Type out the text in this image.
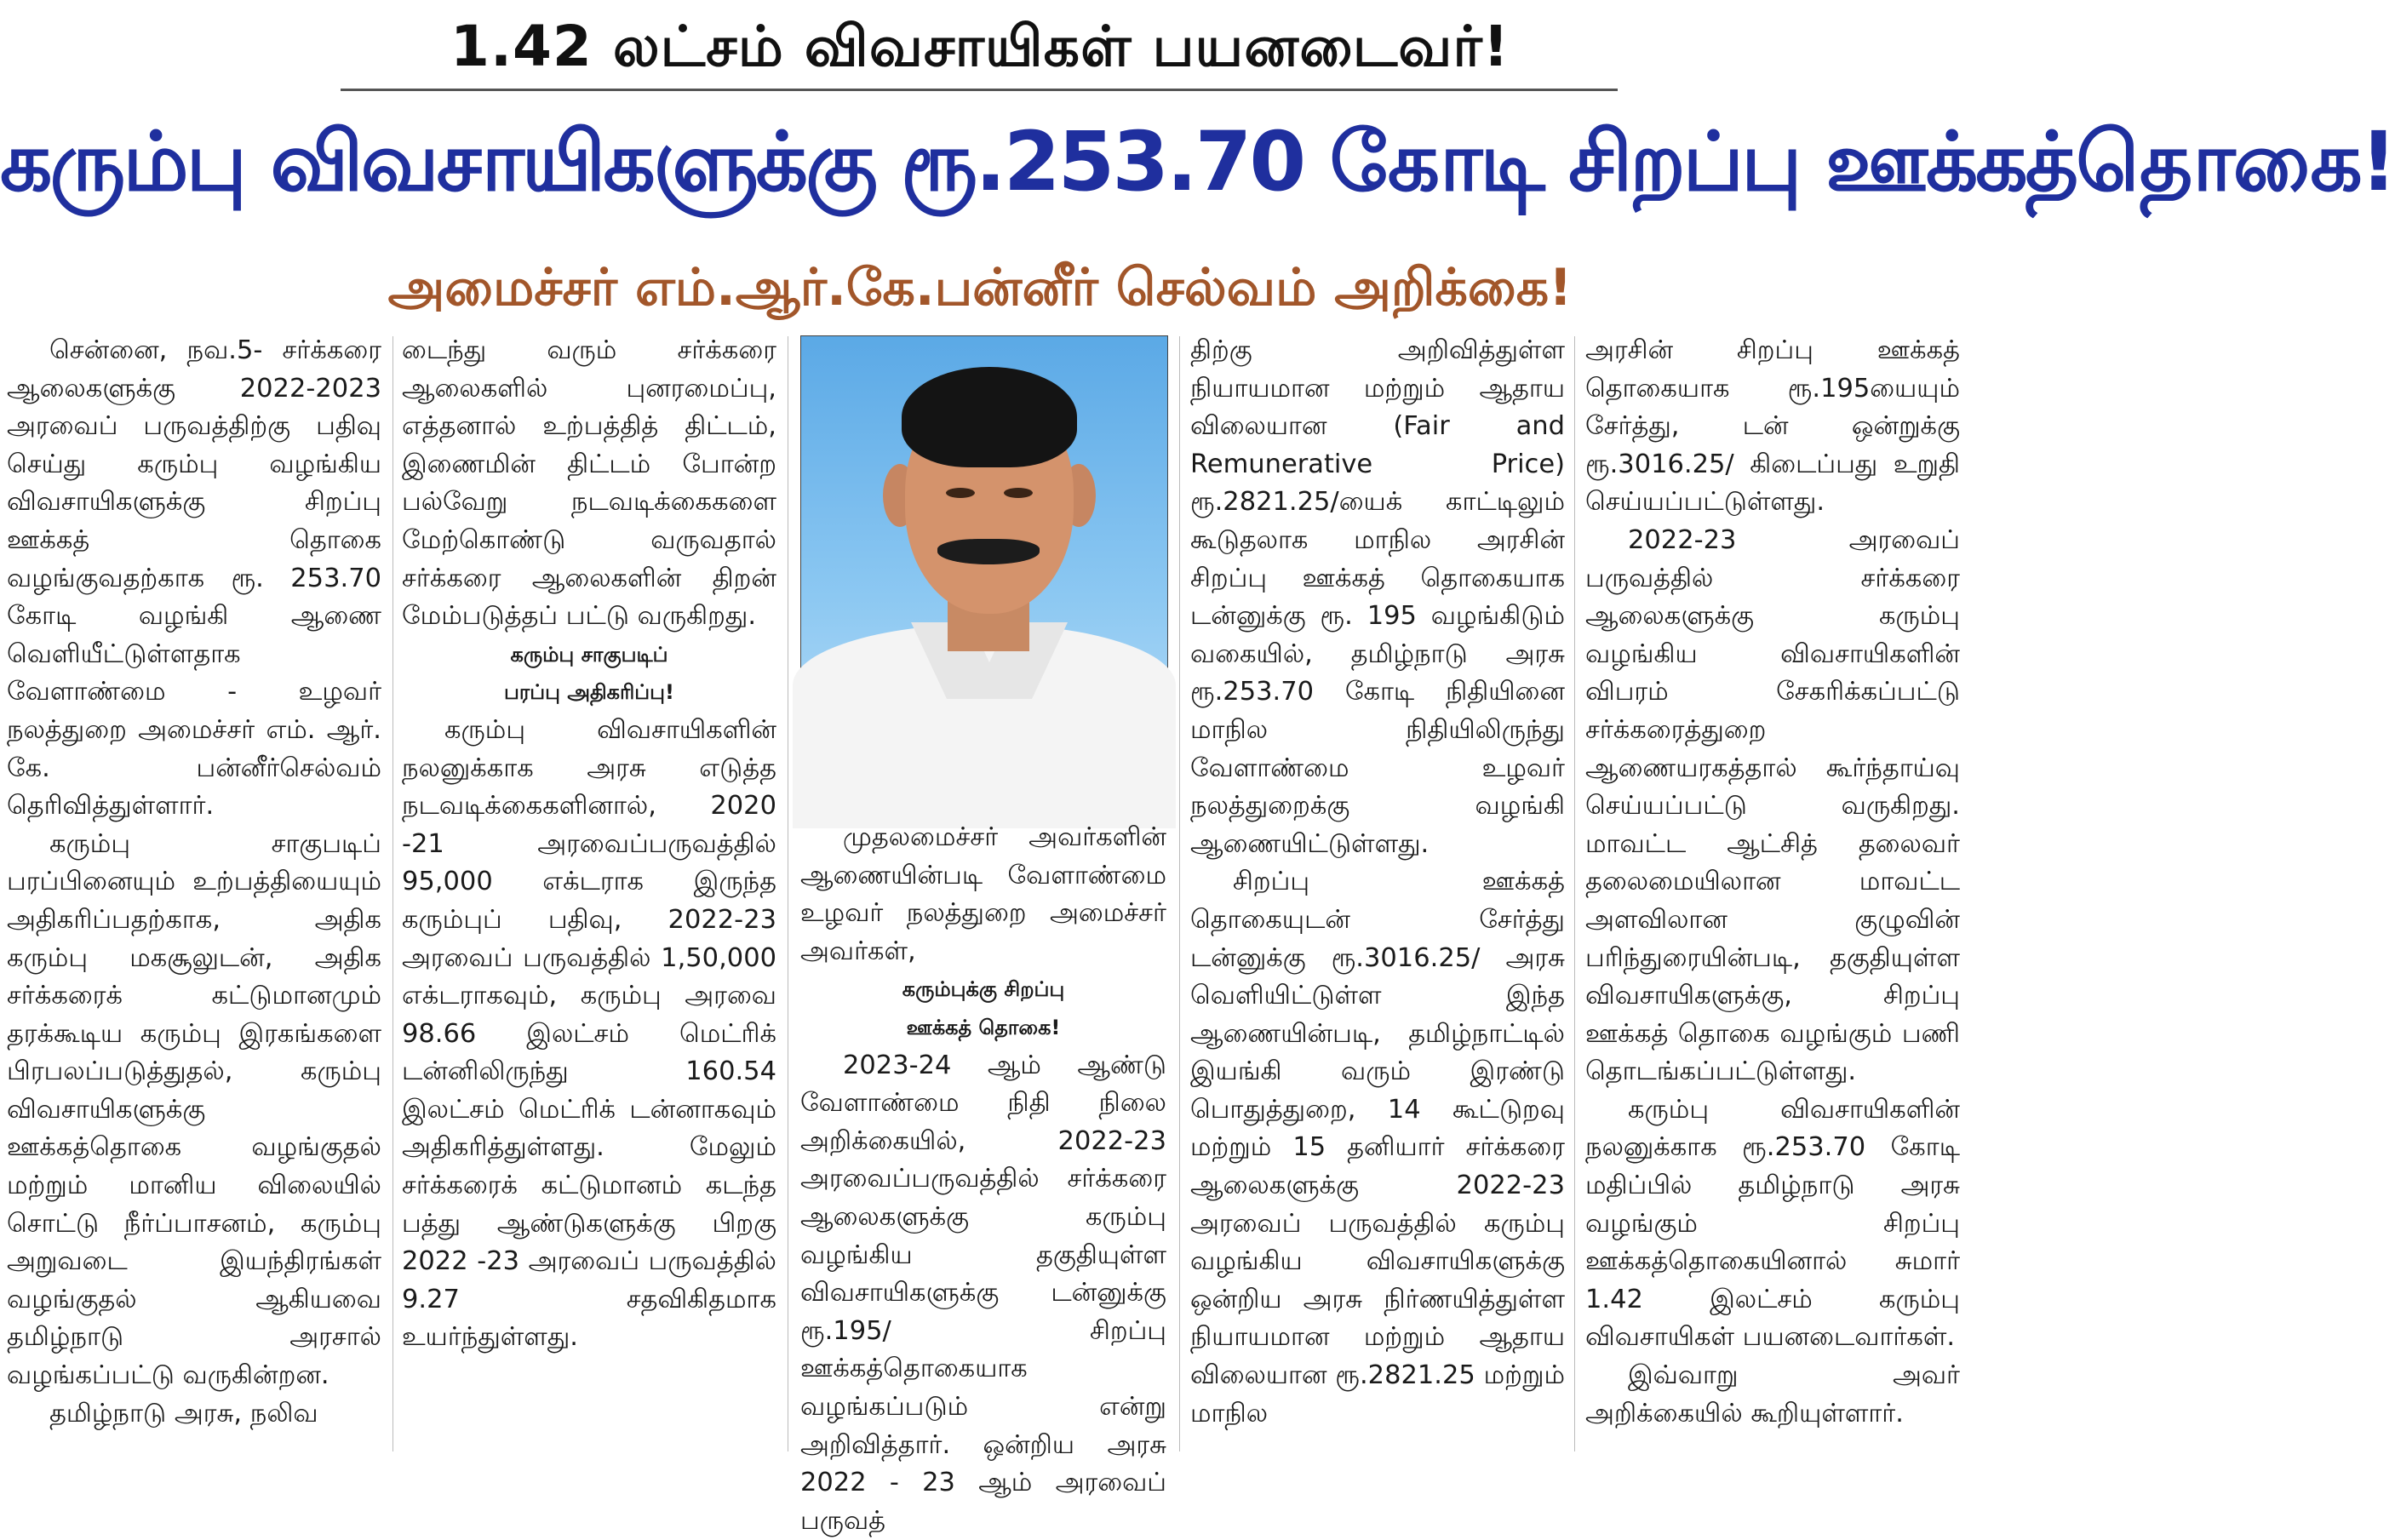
1.42 லட்சம் விவசாயிகள் பயனடைவர்!
கரும்பு விவசாயிகளுக்கு ரூ.253.70 கோடி சிறப்பு ஊக்கத்தொகை!
அமைச்சர் எம்.ஆர்.கே.பன்னீர் செல்வம் அறிக்கை!

சென்னை, நவ.5- சர்க்கரை ஆலைகளுக்கு 2022-2023 அரவைப் பருவத்திற்கு பதிவு செய்து கரும்பு வழங்கிய விவசாயிகளுக்கு சிறப்பு ஊக்கத் தொகை வழங்குவதற்காக ரூ. 253.70 கோடி வழங்கி ஆணை வெளியீட்டுள்ளதாக வேளாண்மை - உழவர் நலத்துறை அமைச்சர் எம். ஆர். கே. பன்னீர்செல்வம் தெரிவித்துள்ளார்.

கரும்பு சாகுபடிப் பரப்பினையும் உற்பத்தியையும் அதிகரிப்பதற்காக, அதிக கரும்பு மகசூலுடன், அதிக சர்க்கரைக் கட்டுமானமும் தரக்கூடிய கரும்பு இரகங்களை பிரபலப்படுத்துதல், கரும்பு விவசாயிகளுக்கு ஊக்கத்தொகை வழங்குதல் மற்றும் மானிய விலையில் சொட்டு நீர்ப்பாசனம், கரும்பு அறுவடை இயந்திரங்கள் வழங்குதல் ஆகியவை தமிழ்நாடு அரசால் வழங்கப்பட்டு வருகின்றன.

தமிழ்நாடு அரசு, நலிவ

டைந்து வரும் சர்க்கரை ஆலைகளில் புனரமைப்பு, எத்தனால் உற்பத்தித் திட்டம், இணைமின் திட்டம் போன்ற பல்வேறு நடவடிக்கைகளை மேற்கொண்டு வருவதால் சர்க்கரை ஆலைகளின் திறன் மேம்படுத்தப் பட்டு வருகிறது.

கரும்பு சாகுபடிப்

பரப்பு அதிகரிப்பு!

கரும்பு விவசாயிகளின் நலனுக்காக அரசு எடுத்த நடவடிக்கைகளினால், 2020 -21 அரவைப்பருவத்தில் 95,000 எக்டராக இருந்த கரும்புப் பதிவு, 2022-23 அரவைப் பருவத்தில் 1,50,000 எக்டராகவும், கரும்பு அரவை 98.66 இலட்சம் மெட்ரிக் டன்னிலிருந்து 160.54 இலட்சம் மெட்ரிக் டன்னாகவும் அதிகரித்துள்ளது. மேலும் சர்க்கரைக் கட்டுமானம் கடந்த பத்து ஆண்டுகளுக்கு பிறகு 2022 -23 அரவைப் பருவத்தில் 9.27 சதவிகிதமாக உயர்ந்துள்ளது.

முதலமைச்சர் அவர்களின் ஆணையின்படி வேளாண்மை உழவர் நலத்துறை அமைச்சர் அவர்கள்,

கரும்புக்கு சிறப்பு

ஊக்கத் தொகை!

2023-24 ஆம் ஆண்டு வேளாண்மை நிதி நிலை அறிக்கையில், 2022-23 அரவைப்பருவத்தில் சர்க்கரை ஆலைகளுக்கு கரும்பு வழங்கிய தகுதியுள்ள விவசாயிகளுக்கு டன்னுக்கு ரூ.195/ சிறப்பு ஊக்கத்தொகையாக வழங்கப்படும் என்று அறிவித்தார். ஒன்றிய அரசு 2022 - 23 ஆம் அரவைப் பருவத்

திற்கு அறிவித்துள்ள நியாயமான மற்றும் ஆதாய விலையான (Fair and Remunerative Price) ரூ.2821.25/யைக் காட்டிலும் கூடுதலாக மாநில அரசின் சிறப்பு ஊக்கத் தொகையாக டன்னுக்கு ரூ. 195 வழங்கிடும் வகையில், தமிழ்நாடு அரசு ரூ.253.70 கோடி நிதியினை மாநில நிதியிலிருந்து வேளாண்மை உழவர் நலத்துறைக்கு வழங்கி ஆணையிட்டுள்ளது.

சிறப்பு ஊக்கத் தொகையுடன் சேர்த்து டன்னுக்கு ரூ.3016.25/ அரசு வெளியிட்டுள்ள இந்த ஆணையின்படி, தமிழ்நாட்டில் இயங்கி வரும் இரண்டு பொதுத்துறை, 14 கூட்டுறவு மற்றும் 15 தனியார் சர்க்கரை ஆலைகளுக்கு 2022-23 அரவைப் பருவத்தில் கரும்பு வழங்கிய விவசாயிகளுக்கு ஒன்றிய அரசு நிர்ணயித்துள்ள நியாயமான மற்றும் ஆதாய விலையான ரூ.2821.25 மற்றும் மாநில

அரசின் சிறப்பு ஊக்கத் தொகையாக ரூ.195யையும் சேர்த்து, டன் ஒன்றுக்கு ரூ.3016.25/ கிடைப்பது உறுதி செய்யப்பட்டுள்ளது.

2022-23 அரவைப் பருவத்தில் சர்க்கரை ஆலைகளுக்கு கரும்பு வழங்கிய விவசாயிகளின் விபரம் சேகரிக்கப்பட்டு சர்க்கரைத்துறை ஆணையரகத்தால் கூர்ந்தாய்வு செய்யப்பட்டு வருகிறது. மாவட்ட ஆட்சித் தலைவர் தலைமையிலான மாவட்ட அளவிலான குழுவின் பரிந்துரையின்படி, தகுதியுள்ள விவசாயிகளுக்கு, சிறப்பு ஊக்கத் தொகை வழங்கும் பணி தொடங்கப்பட்டுள்ளது.

கரும்பு விவசாயிகளின் நலனுக்காக ரூ.253.70 கோடி மதிப்பில் தமிழ்நாடு அரசு வழங்கும் சிறப்பு ஊக்கத்தொகையினால் சுமார் 1.42 இலட்சம் கரும்பு விவசாயிகள் பயனடைவார்கள்.

இவ்வாறு அவர் அறிக்கையில் கூறியுள்ளார்.
